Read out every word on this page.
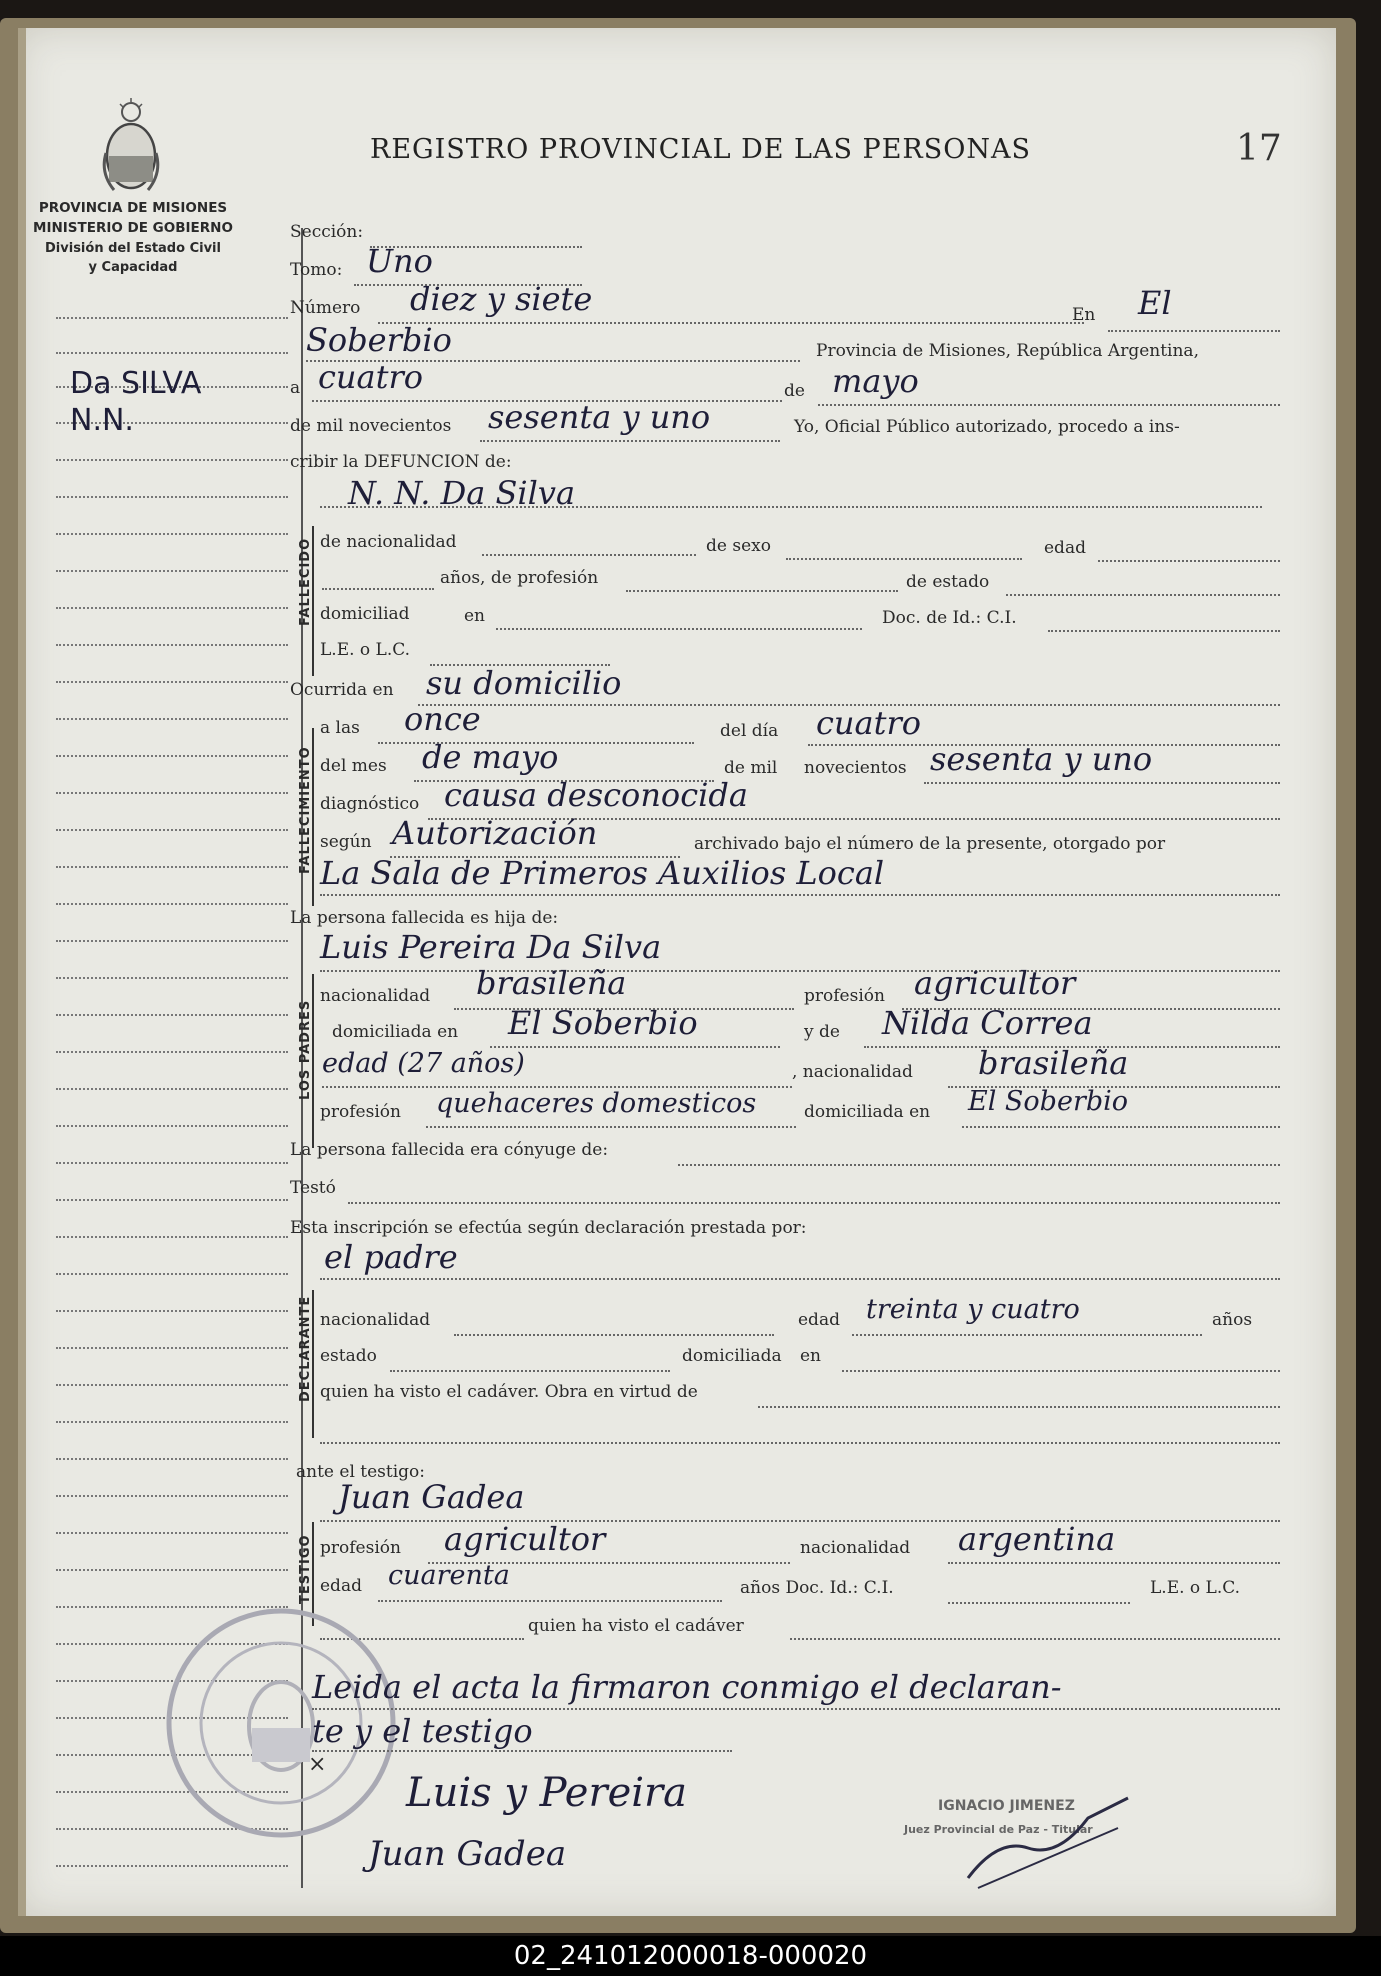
PROVINCIA DE MISIONES
MINISTERIO DE GOBIERNO
División del Estado Civil
y Capacidad
REGISTRO PROVINCIAL DE LAS PERSONAS	17
Da SILVA
N.N.
Sección:
Tomo: Uno
Número diez y siete	En El
Soberbio	Provincia de Misiones, República Argentina,
a cuatro	de mayo
de mil novecientos sesenta y uno	Yo, Oficial Público autorizado, procedo a ins-
cribir la DEFUNCION de:
FALLECIDO
N. N. Da Silva
de nacionalidad	de sexo	edad
años, de profesión	de estado
domiciliad	en	Doc. de Id.: C.I.
L.E. o L.C.
Ocurrida en su domicilio
FALLECIMIENTO
a las once	del día cuatro
del mes de mayo	de mil novecientos sesenta y uno
diagnóstico causa desconocida
según Autorización	archivado bajo el número de la presente, otorgado por
La Sala de Primeros Auxilios Local
La persona fallecida es hija de:
Luis Pereira Da Silva
LOS PADRES
nacionalidad brasileña	profesión agricultor
domiciliada en El Soberbio	y de Nilda Correa
edad (27 años)	, nacionalidad brasileña
profesión quehaceres domesticos	domiciliada en El Soberbio
La persona fallecida era cónyuge de:
Testó
Esta inscripción se efectúa según declaración prestada por:
el padre
DECLARANTE nacionalidad	edad treinta y cuatro	años
estado	domiciliada en
quien ha visto el cadáver. Obra en virtud de
ante el testigo:
Juan Gadea
TESTIGO profesión agricultor	nacionalidad argentina
edad cuarenta	años Doc. Id.: C.I.	L.E. o L.C.
quien ha visto el cadáver
Leida el acta la firmaron conmigo el declaran-
te y el testigo
×
Luis y Pereira
Juan Gadea
IGNACIO JIMENEZ
Juez Provincial de Paz - Titular
02_241012000018-000020
